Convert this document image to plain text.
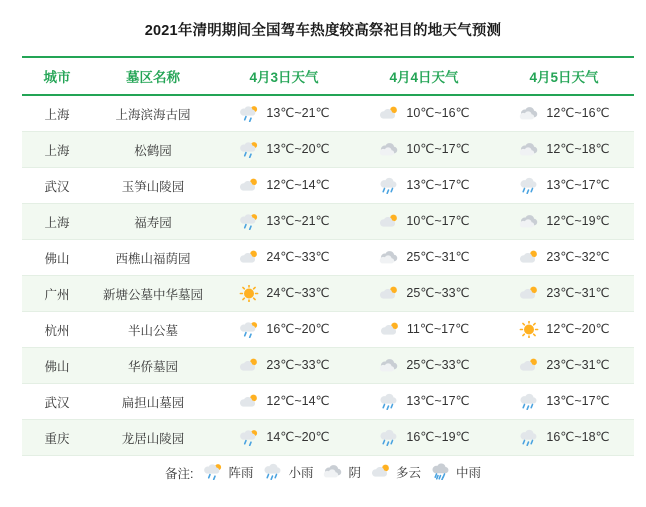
2021年清明期间全国驾车热度较高祭祀目的地天气预测
城市	墓区名称	4月3日天气	4月4日天气	4月5日天气
上海	上海滨海古园	13℃~21℃	10℃~16℃	12℃~16℃

上海	松鹤园	13℃~20℃	10℃~17℃	12℃~18℃

武汉	玉笋山陵园	12℃~14℃	13℃~17℃	13℃~17℃

上海	福寿园	13℃~21℃	10℃~17℃	12℃~19℃

佛山	西樵山福荫园	24℃~33℃	25℃~31℃	23℃~32℃

广州	新塘公墓中华墓园	24℃~33℃	25℃~33℃	23℃~31℃

杭州	半山公墓	16℃~20℃	11℃~17℃	12℃~20℃

佛山	华侨墓园	23℃~33℃	25℃~33℃	23℃~31℃

武汉	扁担山墓园	12℃~14℃	13℃~17℃	13℃~17℃

重庆	龙居山陵园	14℃~20℃	16℃~19℃	16℃~18℃
备注:	阵雨	小雨	阴	多云	中雨
